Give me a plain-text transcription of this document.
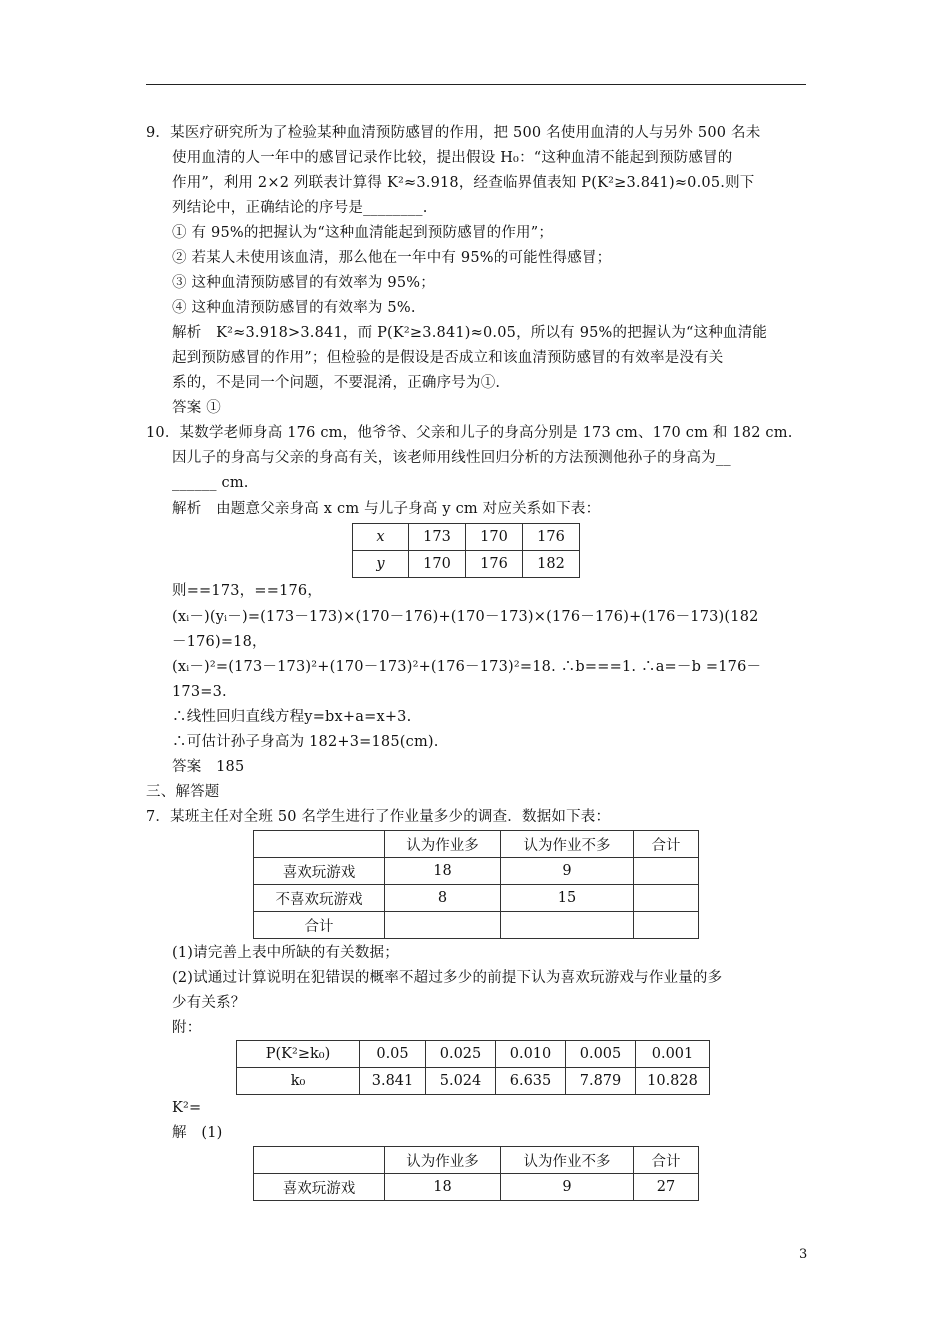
9．某医疗研究所为了检验某种血清预防感冒的作用，把 500 名使用血清的人与另外 500 名未
使用血清的人一年中的感冒记录作比较，提出假设 H₀：“这种血清不能起到预防感冒的
作用”，利用 2×2 列联表计算得 K²≈3.918，经查临界值表知 P(K²≥3.841)≈0.05.则下
列结论中，正确结论的序号是________.
① 有 95%的把握认为“这种血清能起到预防感冒的作用”；
② 若某人未使用该血清，那么他在一年中有 95%的可能性得感冒；
③ 这种血清预防感冒的有效率为 95%；
④ 这种血清预防感冒的有效率为 5%.
解析　K²≈3.918>3.841，而 P(K²≥3.841)≈0.05，所以有 95%的把握认为“这种血清能
起到预防感冒的作用”；但检验的是假设是否成立和该血清预防感冒的有效率是没有关
系的，不是同一个问题，不要混淆，正确序号为①.
答案 ①
10．某数学老师身高 176 cm，他爷爷、父亲和儿子的身高分别是 173 cm、170 cm 和 182 cm.
因儿子的身高与父亲的身高有关，该老师用线性回归分析的方法预测他孙子的身高为__
______ cm.
解析　由题意父亲身高 x cm 与儿子身高 y cm 对应关系如下表：
x	173	170	176
y	170	176	182
则==173，==176，
(xᵢ－)(yᵢ－)=(173－173)×(170－176)+(170－173)×(176－176)+(176－173)(182
－176)=18，
(xᵢ－)²=(173－173)²+(170－173)²+(176－173)²=18. ∴b===1. ∴a=－b =176－
173=3.
∴线性回归直线方程y=bx+a=x+3.
∴可估计孙子身高为 182+3=185(cm).
答案　185
三、解答题
7．某班主任对全班 50 名学生进行了作业量多少的调查．数据如下表：
	认为作业多	认为作业不多	合计
喜欢玩游戏	18	9	
不喜欢玩游戏	8	15	
合计			
(1)请完善上表中所缺的有关数据；
(2)试通过计算说明在犯错误的概率不超过多少的前提下认为喜欢玩游戏与作业量的多
少有关系？
附：
P(K²≥k₀)	0.05	0.025	0.010	0.005	0.001
k₀	3.841	5.024	6.635	7.879	10.828
K²=
解　(1)
	认为作业多	认为作业不多	合计
喜欢玩游戏	18	9	27
3
